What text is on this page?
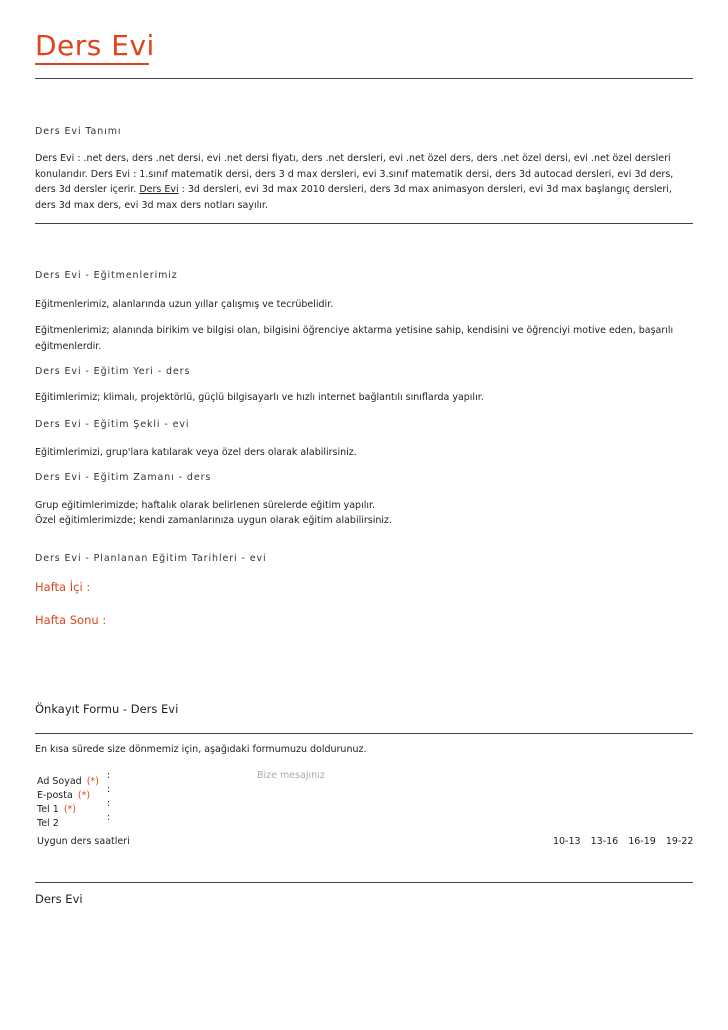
Ders Evi
Ders Evi Tanımı
Ders Evi : .net ders, ders .net dersi, evi .net dersi fiyatı, ders .net dersleri, evi .net özel ders, ders .net özel dersi, evi .net özel dersleri konularıdır. Ders Evi : 1.sınıf matematik dersi, ders 3 d max dersleri, evi 3.sınıf matematik dersi, ders 3d autocad dersleri, evi 3d ders, ders 3d dersler içerir. Ders Evi : 3d dersleri, evi 3d max 2010 dersleri, ders 3d max animasyon dersleri, evi 3d max başlangıç dersleri, ders 3d max ders, evi 3d max ders notları sayılır.
Ders Evi - Eğitmenlerimiz
Eğitmenlerimiz, alanlarında uzun yıllar çalışmış ve tecrübelidir.
Eğitmenlerimiz; alanında birikim ve bilgisi olan, bilgisini öğrenciye aktarma yetisine sahip, kendisini ve öğrenciyi motive eden, başarılı eğitmenlerdir.
Ders Evi - Eğitim Yeri - ders
Eğitimlerimiz; klimalı, projektörlü, güçlü bilgisayarlı ve hızlı internet bağlantılı sınıflarda yapılır.
Ders Evi - Eğitim Şekli - evi
Eğitimlerimizi, grup'lara katılarak veya özel ders olarak alabilirsiniz.
Ders Evi - Eğitim Zamanı - ders
Grup eğitimlerimizde; haftalık olarak belirlenen sürelerde eğitim yapılır.
Özel eğitimlerimizde; kendi zamanlarınıza uygun olarak eğitim alabilirsiniz.
Ders Evi - Planlanan Eğitim Tarihleri - evi
Hafta İçi :
Hafta Sonu :
Önkayıt Formu - Ders Evi
En kısa sürede size dönmemiz için, aşağıdaki formumuzu doldurunuz.
Ad Soyad (*)
:
E-posta (*)
:
Tel 1 (*)
:
Tel 2
:
Bize mesajınız
Uygun ders saatleri	10-13 13-16 16-19 19-22
Ders Evi
